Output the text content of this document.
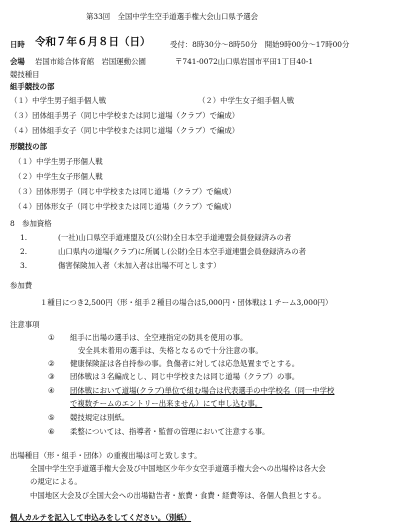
第33回　全国中学生空手道選手権大会山口県予選会
日時 令和７年６月８日（日）	受付：8時30分～8時50分　開始9時00分～17時00分
会場 岩国市総合体育館　岩国運動公園	〒741-0072山口県岩国市平田1丁目40-1
競技種目
組手競技の部
（１）中学生男子組手個人戦	（２）中学生女子組手個人戦
（３）団体組手男子（同じ中学校または同じ道場（クラブ）で編成）
（４）団体組手女子（同じ中学校または同じ道場（クラブ）で編成）
形競技の部
（１）中学生男子形個人戦
（２）中学生女子形個人戦
（３）団体形男子（同じ中学校または同じ道場（クラブ）で編成）
（４）団体形女子（同じ中学校または同じ道場（クラブ）で編成）
8　参加資格
1.	(一社)山口県空手道連盟及び(公財)全日本空手道連盟会員登録済みの者
2.	山口県内の道場(クラブ)に所属し(公財)全日本空手道連盟会員登録済みの者
3.	傷害保険加入者（未加入者は出場不可とします）
参加費
１種目につき2,500円（形・組手２種目の場合は5,000円・団体戦は１チーム3,000円）
注意事項
① 組手に出場の選手は、全空連指定の防具を使用の事。
安全具未着用の選手は、失格となるので十分注意の事。
② 健康保険証は各自持参の事。負傷者に対しては応急処置までとする。
③ 団体戦は３名編成とし、同じ中学校または同じ道場（クラブ）の事。
④ 団体戦において道場(クラブ)単位で組む場合は代表選手の中学校名（同一中学校
で複数チームのエントリー出来ません）にて申し込む事。
⑤ 競技規定は別紙。
⑥ 柔整については、指導者・監督の管理において注意する事。
出場種目（形・組手・団体）の重複出場は可と致します。
全国中学生空手道選手権大会及び中国地区少年少女空手道選手権大会への出場枠は各大会
の規定による。
中国地区大会及び全国大会への出場勧告者・旅費・食費・経費等は、各個人負担とする。
個人カルテを記入して申込みをしてください。（別紙）
